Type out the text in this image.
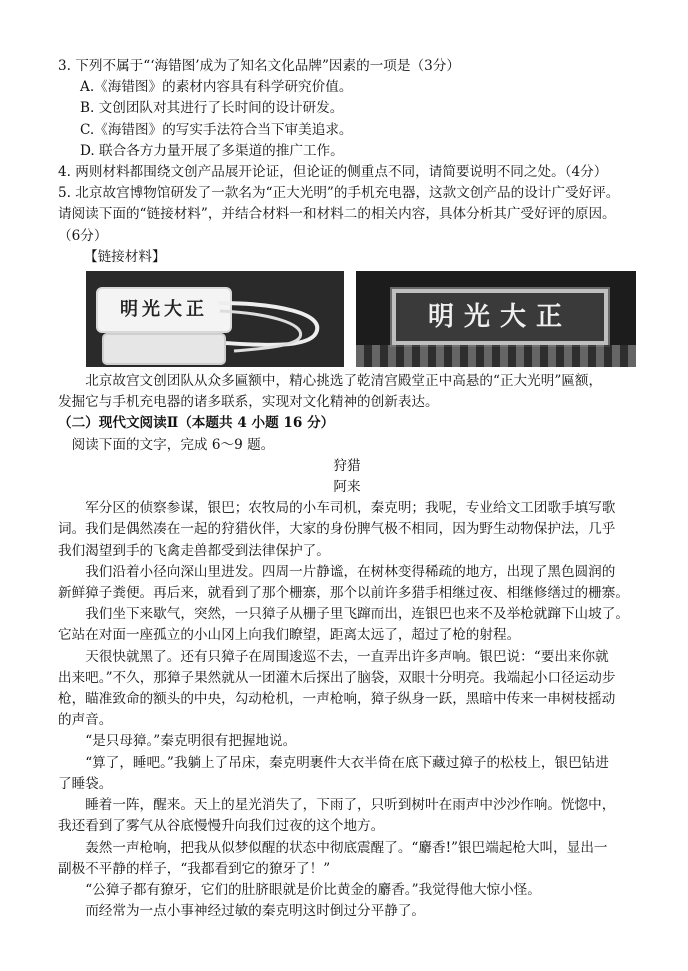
3. 下列不属于“‘海错图’成为了知名文化品牌”因素的一项是（3分）

A.《海错图》的素材内容具有科学研究价值。

B. 文创团队对其进行了长时间的设计研发。

C.《海错图》的写实手法符合当下审美追求。

D. 联合各方力量开展了多渠道的推广工作。

4. 两则材料都围绕文创产品展开论证，但论证的侧重点不同，请简要说明不同之处。（4分）

5. 北京故宫博物馆研发了一款名为“正大光明”的手机充电器，这款文创产品的设计广受好评。

请阅读下面的“链接材料”，并结合材料一和材料二的相关内容，具体分析其广受好评的原因。

（6分）

【链接材料】

明光大正	明光大正

北京故宫文创团队从众多匾额中，精心挑选了乾清宫殿堂正中高悬的“正大光明”匾额，

发掘它与手机充电器的诸多联系，实现对文化精神的创新表达。

（二）现代文阅读Ⅱ（本题共 4 小题 16 分）

阅读下面的文字，完成 6～9 题。

狩猎

阿来

军分区的侦察参谋，银巴；农牧局的小车司机，秦克明；我呢，专业给文工团歌手填写歌

词。我们是偶然凑在一起的狩猎伙伴，大家的身份脾气极不相同，因为野生动物保护法，几乎

我们渴望到手的飞禽走兽都受到法律保护了。

我们沿着小径向深山里进发。四周一片静谧，在树林变得稀疏的地方，出现了黑色圆润的

新鲜獐子粪便。再后来，就看到了那个栅寨，那个以前许多猎手相继过夜、相继修缮过的栅寨。

我们坐下来歇气，突然，一只獐子从栅子里飞蹿而出，连银巴也来不及举枪就蹿下山坡了。

它站在对面一座孤立的小山冈上向我们瞭望，距离太远了，超过了枪的射程。

天很快就黑了。还有只獐子在周围逡巡不去，一直弄出许多声响。银巴说：“要出来你就

出来吧。”不久，那獐子果然就从一团灌木后探出了脑袋，双眼十分明亮。我端起小口径运动步

枪，瞄准致命的额头的中央，勾动枪机，一声枪响，獐子纵身一跃，黑暗中传来一串树枝摇动

的声音。

“是只母獐。”秦克明很有把握地说。

“算了，睡吧。”我躺上了吊床，秦克明裹件大衣半倚在底下藏过獐子的松枝上，银巴钻进

了睡袋。

睡着一阵，醒来。天上的星光消失了，下雨了，只听到树叶在雨声中沙沙作响。恍惚中，

我还看到了雾气从谷底慢慢升向我们过夜的这个地方。

轰然一声枪响，把我从似梦似醒的状态中彻底震醒了。“麝香!”银巴端起枪大叫，显出一

副极不平静的样子，“我都看到它的獠牙了！”

“公獐子都有獠牙，它们的肚脐眼就是价比黄金的麝香。”我觉得他大惊小怪。

而经常为一点小事神经过敏的秦克明这时倒过分平静了。
